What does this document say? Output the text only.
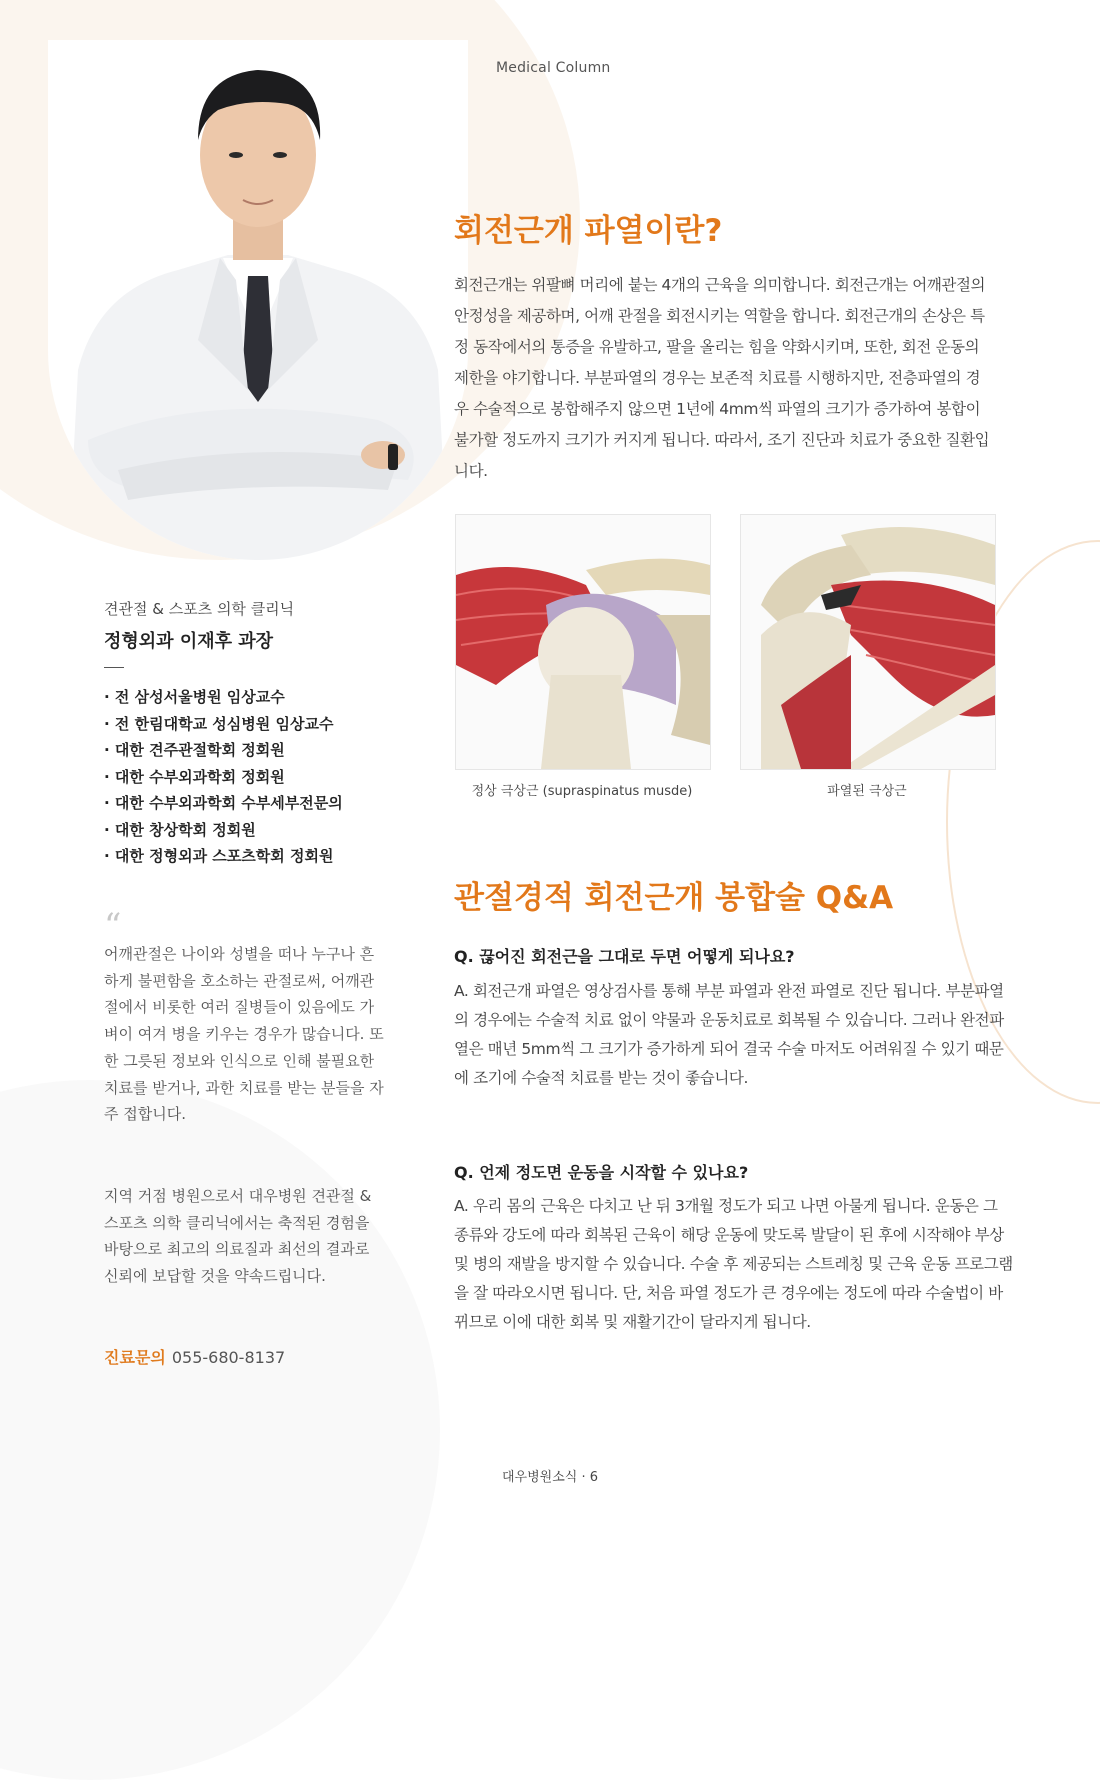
Medical Column
견관절 & 스포츠 의학 클리닉
정형외과 이재후 과장
· 전 삼성서울병원 임상교수
· 전 한림대학교 성심병원 임상교수
· 대한 견주관절학회 정회원
· 대한 수부외과학회 정회원
· 대한 수부외과학회 수부세부전문의
· 대한 창상학회 정회원
· 대한 정형외과 스포츠학회 정회원
“

어깨관절은 나이와 성별을 떠나 누구나 흔하게 불편함을 호소하는 관절로써, 어깨관절에서 비롯한 여러 질병들이 있음에도 가벼이 여겨 병을 키우는 경우가 많습니다. 또한 그릇된 정보와 인식으로 인해 불필요한 치료를 받거나, 과한 치료를 받는 분들을 자주 접합니다.

지역 거점 병원으로서 대우병원 견관절 & 스포츠 의학 클리닉에서는 축적된 경험을 바탕으로 최고의 의료질과 최선의 결과로 신뢰에 보답할 것을 약속드립니다.

진료문의 055-680-8137
회전근개 파열이란?

회전근개는 위팔뼈 머리에 붙는 4개의 근육을 의미합니다. 회전근개는 어깨관절의 안정성을 제공하며, 어깨 관절을 회전시키는 역할을 합니다. 회전근개의 손상은 특정 동작에서의 통증을 유발하고, 팔을 올리는 힘을 약화시키며, 또한, 회전 운동의 제한을 야기합니다. 부분파열의 경우는 보존적 치료를 시행하지만, 전층파열의 경우 수술적으로 봉합해주지 않으면 1년에 4mm씩 파열의 크기가 증가하여 봉합이 불가할 정도까지 크기가 커지게 됩니다. 따라서, 조기 진단과 치료가 중요한 질환입니다.

정상 극상근 (supraspinatus musde)	파열된 극상근
관절경적 회전근개 봉합술 Q&A

Q. 끊어진 회전근을 그대로 두면 어떻게 되나요?

A. 회전근개 파열은 영상검사를 통해 부분 파열과 완전 파열로 진단 됩니다. 부분파열의 경우에는 수술적 치료 없이 약물과 운동치료로 회복될 수 있습니다. 그러나 완전파열은 매년 5mm씩 그 크기가 증가하게 되어 결국 수술 마저도 어려워질 수 있기 때문에 조기에 수술적 치료를 받는 것이 좋습니다.

Q. 언제 정도면 운동을 시작할 수 있나요?

A. 우리 몸의 근육은 다치고 난 뒤 3개월 정도가 되고 나면 아물게 됩니다. 운동은 그 종류와 강도에 따라 회복된 근육이 해당 운동에 맞도록 발달이 된 후에 시작해야 부상 및 병의 재발을 방지할 수 있습니다. 수술 후 제공되는 스트레칭 및 근육 운동 프로그램을 잘 따라오시면 됩니다. 단, 처음 파열 정도가 큰 경우에는 정도에 따라 수술법이 바뀌므로 이에 대한 회복 및 재활기간이 달라지게 됩니다.

대우병원소식 · 6
